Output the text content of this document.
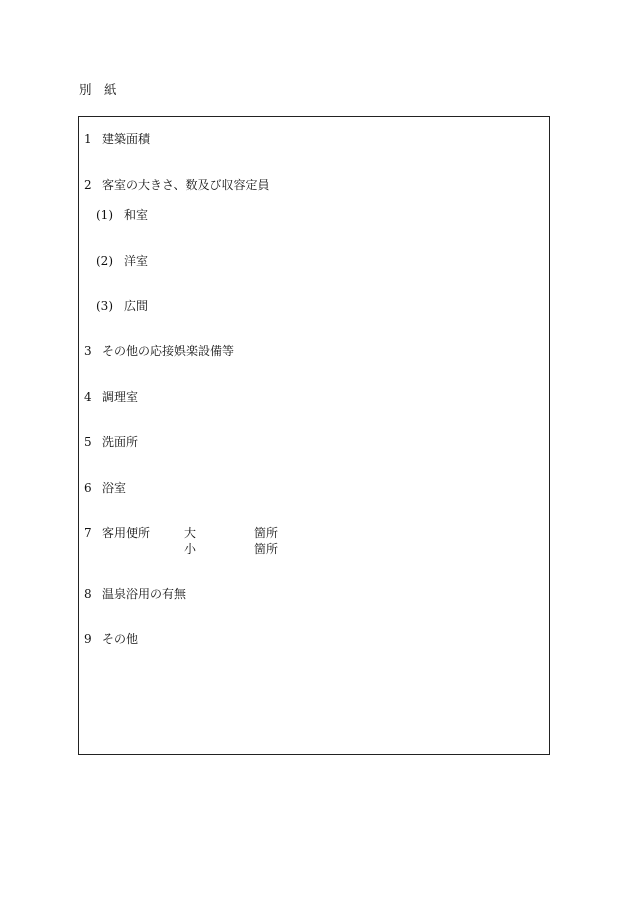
別　紙
1 建築面積
2 客室の大きさ、数及び収容定員
(1) 和室
(2) 洋室
(3) 広間
3 その他の応接娯楽設備等
4 調理室
5 洗面所
6 浴室
7 客用便所	大	箇所
小	箇所
8 温泉浴用の有無
9 その他
